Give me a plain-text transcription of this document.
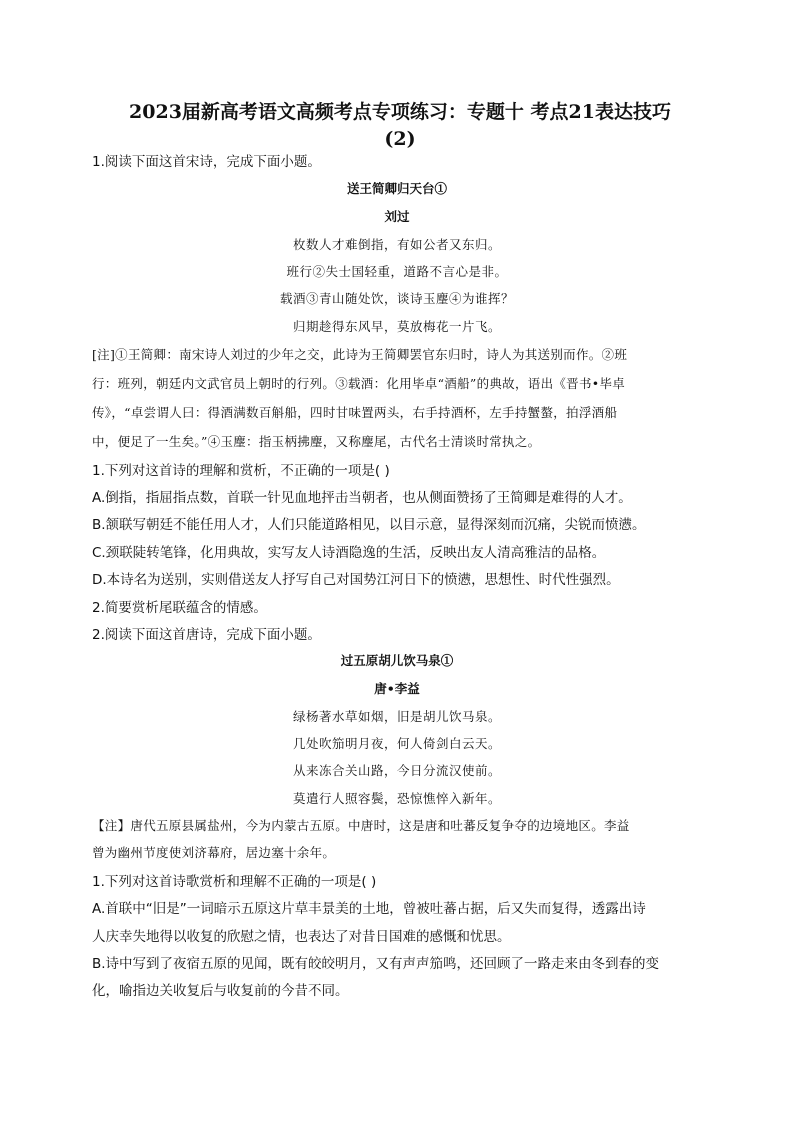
2023届新高考语文高频考点专项练习：专题十 考点21表达技巧
(2)
1.阅读下面这首宋诗，完成下面小题。
送王简卿归天台①
刘过
枚数人才难倒指，有如公者又东归。
班行②失士国轻重，道路不言心是非。
载酒③青山随处饮，谈诗玉麈④为谁挥？
归期趁得东风早，莫放梅花一片飞。
[注]①王简卿：南宋诗人刘过的少年之交，此诗为王简卿罢官东归时，诗人为其送别而作。②班
行：班列，朝廷内文武官员上朝时的行列。③载酒：化用毕卓“酒船”的典故，语出《晋书•毕卓
传》，“卓尝谓人曰：得酒满数百斛船，四时甘味置两头，右手持酒杯，左手持蟹螯，拍浮酒船
中，便足了一生矣。”④玉麈：指玉柄拂麈，又称麈尾，古代名士清谈时常执之。
1.下列对这首诗的理解和赏析，不正确的一项是( )
A.倒指，指屈指点数，首联一针见血地抨击当朝者，也从侧面赞扬了王简卿是难得的人才。
B.颔联写朝廷不能任用人才，人们只能道路相见，以目示意，显得深刻而沉痛，尖锐而愤懑。
C.颈联陡转笔锋，化用典故，实写友人诗酒隐逸的生活，反映出友人清高雅洁的品格。
D.本诗名为送别，实则借送友人抒写自己对国势江河日下的愤懑，思想性、时代性强烈。
2.简要赏析尾联蕴含的情感。
2.阅读下面这首唐诗，完成下面小题。
过五原胡儿饮马泉①
唐•李益
绿杨著水草如烟，旧是胡儿饮马泉。
几处吹笳明月夜，何人倚剑白云天。
从来冻合关山路，今日分流汉使前。
莫遣行人照容鬓，恐惊憔悴入新年。
【注】唐代五原县属盐州，今为内蒙古五原。中唐时，这是唐和吐蕃反复争夺的边境地区。李益
曾为幽州节度使刘济幕府，居边塞十余年。
1.下列对这首诗歌赏析和理解不正确的一项是( )
A.首联中“旧是”一词暗示五原这片草丰景美的土地，曾被吐蕃占据，后又失而复得，透露出诗
人庆幸失地得以收复的欣慰之情，也表达了对昔日国难的感慨和忧思。
B.诗中写到了夜宿五原的见闻，既有皎皎明月，又有声声笳鸣，还回顾了一路走来由冬到春的变
化，喻指边关收复后与收复前的今昔不同。
